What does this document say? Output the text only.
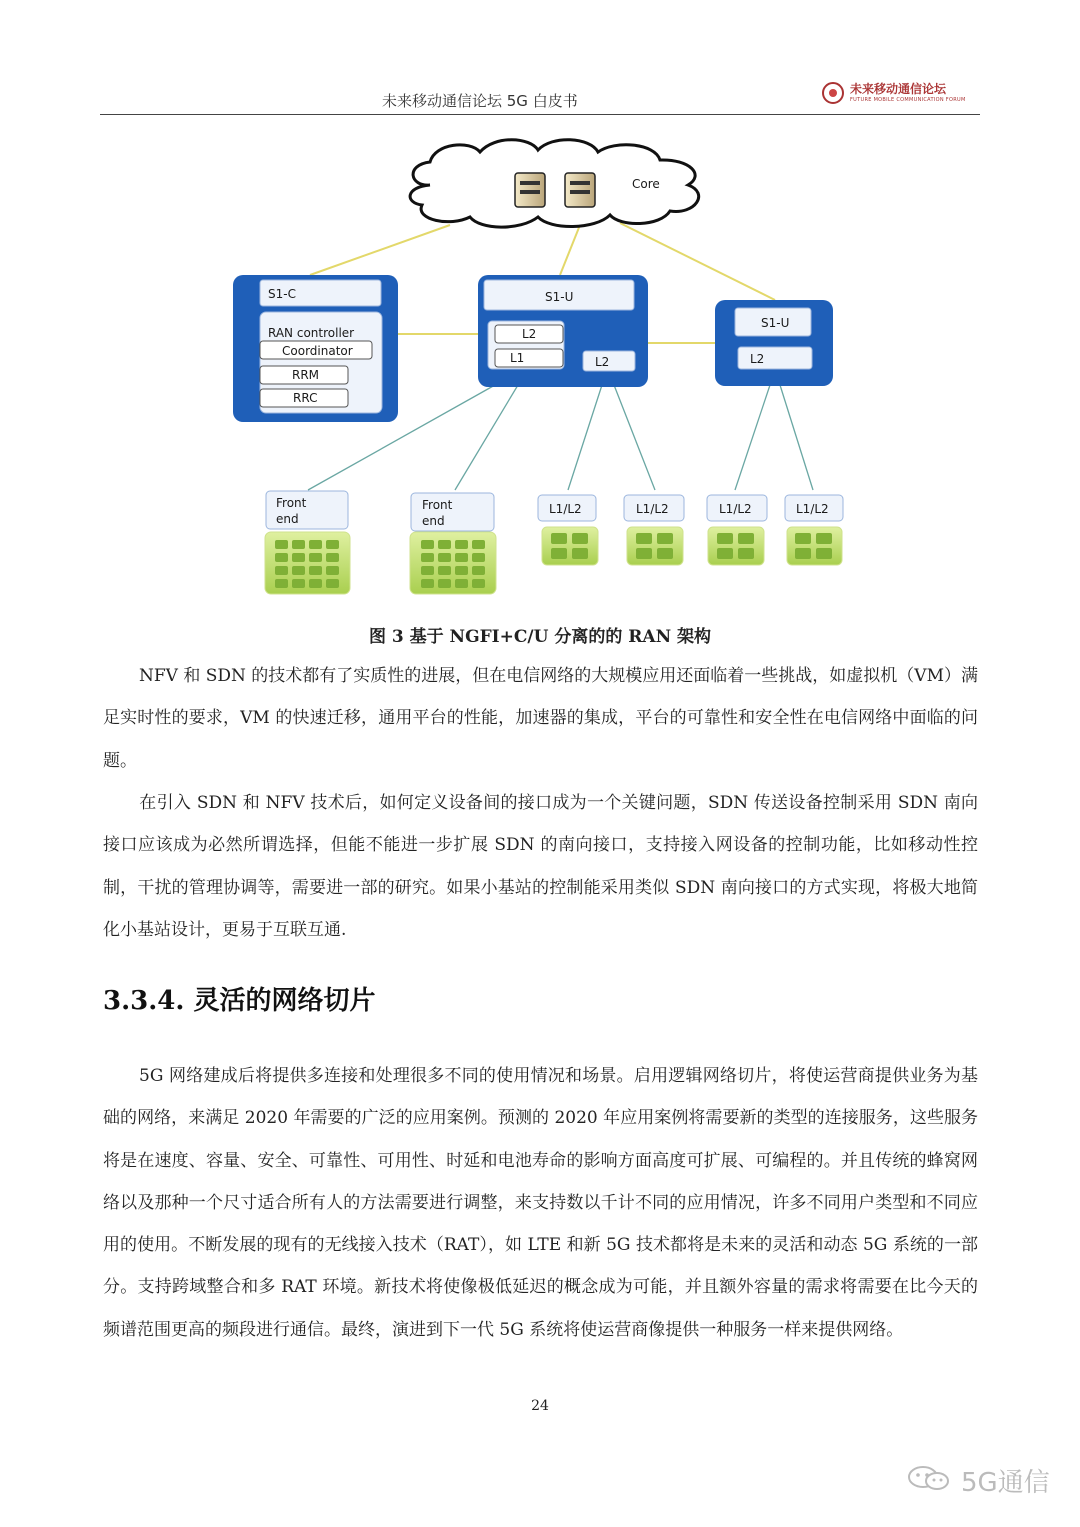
未来移动通信论坛 5G 白皮书
未来移动通信论坛
FUTURE MOBILE COMMUNICATION FORUM
Core
S1-C
RAN controller
Coordinator
RRM
RRC
S1-U
L2
L1	L2
S1-U
L2
Front
end
Front
end
L1/L2	L1/L2	L1/L2	L1/L2
图 3 基于 NGFI+C/U 分离的的 RAN 架构

NFV 和 SDN 的技术都有了实质性的进展，但在电信网络的大规模应用还面临着一些挑战，如虚拟机（VM）满足实时性的要求，VM 的快速迁移，通用平台的性能，加速器的集成，平台的可靠性和安全性在电信网络中面临的问题。

在引入 SDN 和 NFV 技术后，如何定义设备间的接口成为一个关键问题，SDN 传送设备控制采用 SDN 南向接口应该成为必然所谓选择，但能不能进一步扩展 SDN 的南向接口，支持接入网设备的控制功能，比如移动性控制，干扰的管理协调等，需要进一部的研究。如果小基站的控制能采用类似 SDN 南向接口的方式实现，将极大地简化小基站设计，更易于互联互通.

3.3.4. 灵活的网络切片

5G 网络建成后将提供多连接和处理很多不同的使用情况和场景。启用逻辑网络切片，将使运营商提供业务为基础的网络，来满足 2020 年需要的广泛的应用案例。预测的 2020 年应用案例将需要新的类型的连接服务，这些服务将是在速度、容量、安全、可靠性、可用性、时延和电池寿命的影响方面高度可扩展、可编程的。并且传统的蜂窝网络以及那种一个尺寸适合所有人的方法需要进行调整，来支持数以千计不同的应用情况，许多不同用户类型和不同应用的使用。不断发展的现有的无线接入技术（RAT），如 LTE 和新 5G 技术都将是未来的灵活和动态 5G 系统的一部分。支持跨域整合和多 RAT 环境。新技术将使像极低延迟的概念成为可能，并且额外容量的需求将需要在比今天的频谱范围更高的频段进行通信。最终，演进到下一代 5G 系统将使运营商像提供一种服务一样来提供网络。

24
5G通信
